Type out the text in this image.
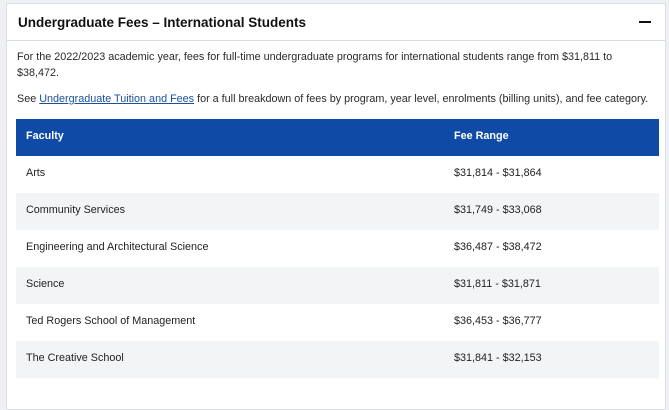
Undergraduate Fees – International Students

For the 2022/2023 academic year, fees for full-time undergraduate programs for international students range from $31,811 to $38,472.

See Undergraduate Tuition and Fees for a full breakdown of fees by program, year level, enrolments (billing units), and fee category.

Faculty	Fee Range
Arts	$31,814 - $31,864
Community Services	$31,749 - $33,068
Engineering and Architectural Science	$36,487 - $38,472
Science	$31,811 - $31,871
Ted Rogers School of Management	$36,453 - $36,777
The Creative School	$31,841 - $32,153
